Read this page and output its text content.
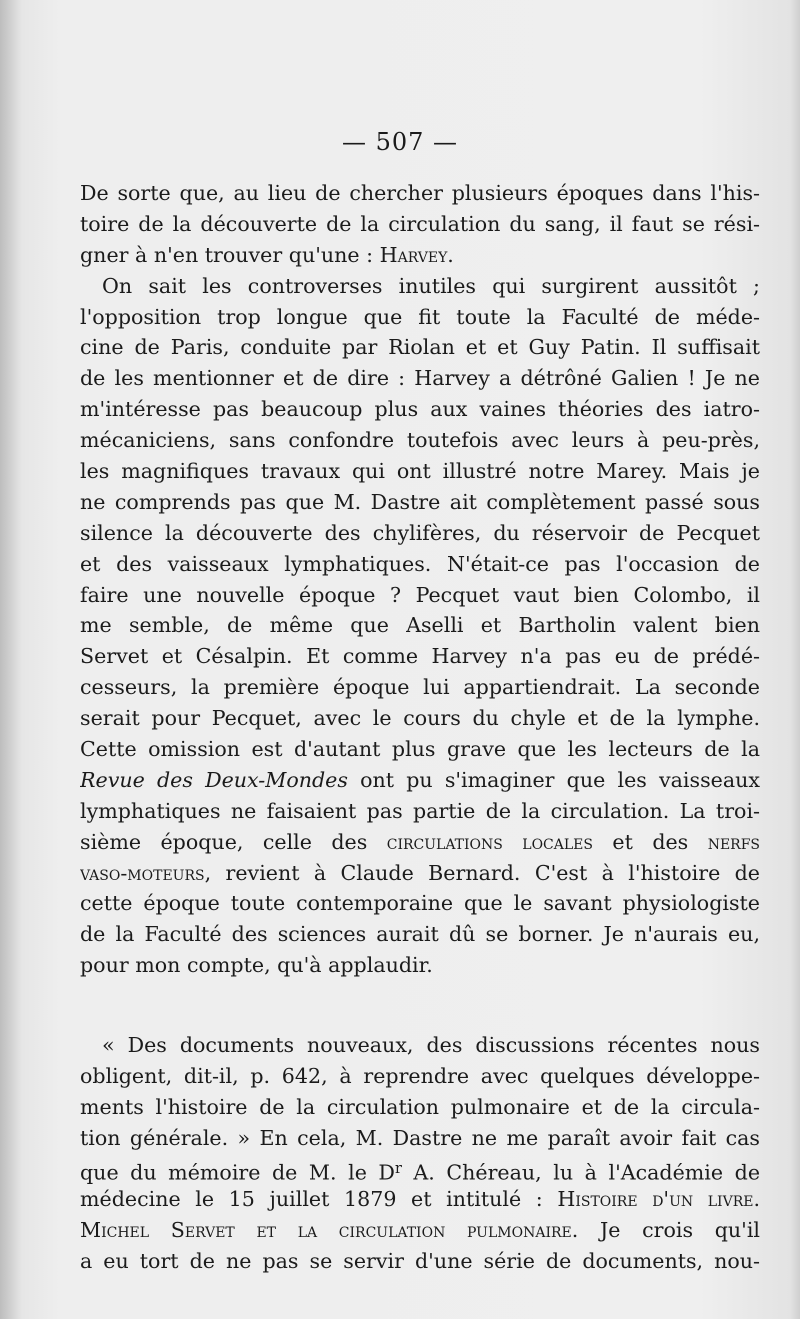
— 507 —
De sorte que, au lieu de chercher plusieurs époques dans l'his-
toire de la découverte de la circulation du sang, il faut se rési-
gner à n'en trouver qu'une : Harvey.
On sait les controverses inutiles qui surgirent aussitôt ;
l'opposition trop longue que fit toute la Faculté de méde-
cine de Paris, conduite par Riolan et et Guy Patin. Il suffisait
de les mentionner et de dire : Harvey a détrôné Galien ! Je ne
m'intéresse pas beaucoup plus aux vaines théories des iatro-
mécaniciens, sans confondre toutefois avec leurs à peu-près,
les magnifiques travaux qui ont illustré notre Marey. Mais je
ne comprends pas que M. Dastre ait complètement passé sous
silence la découverte des chylifères, du réservoir de Pecquet
et des vaisseaux lymphatiques. N'était-ce pas l'occasion de
faire une nouvelle époque ? Pecquet vaut bien Colombo, il
me semble, de même que Aselli et Bartholin valent bien
Servet et Césalpin. Et comme Harvey n'a pas eu de prédé-
cesseurs, la première époque lui appartiendrait. La seconde
serait pour Pecquet, avec le cours du chyle et de la lymphe.
Cette omission est d'autant plus grave que les lecteurs de la
Revue des Deux-Mondes ont pu s'imaginer que les vaisseaux
lymphatiques ne faisaient pas partie de la circulation. La troi-
sième époque, celle des circulations locales et des nerfs
vaso-moteurs, revient à Claude Bernard. C'est à l'histoire de
cette époque toute contemporaine que le savant physiologiste
de la Faculté des sciences aurait dû se borner. Je n'aurais eu,
pour mon compte, qu'à applaudir.
« Des documents nouveaux, des discussions récentes nous
obligent, dit-il, p. 642, à reprendre avec quelques développe-
ments l'histoire de la circulation pulmonaire et de la circula-
tion générale. » En cela, M. Dastre ne me paraît avoir fait cas
que du mémoire de M. le $D^r$ A. Chéreau, lu à l'Académie de
médecine le 15 juillet 1879 et intitulé : Histoire d'un livre.
Michel Servet et la circulation pulmonaire. Je crois qu'il
a eu tort de ne pas se servir d'une série de documents, nou-
